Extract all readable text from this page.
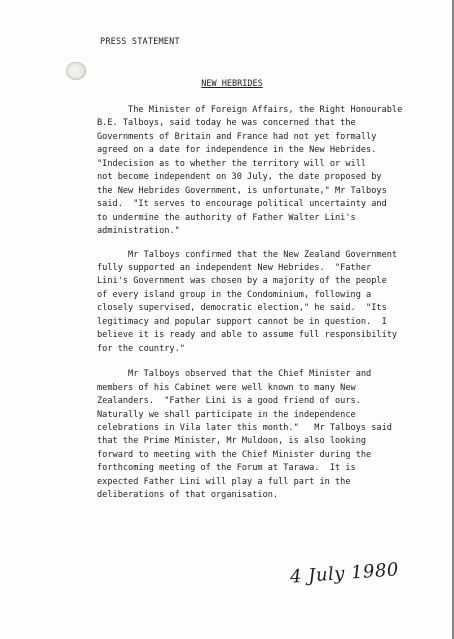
PRESS STATEMENT
NEW HEBRIDES
The Minister of Foreign Affairs, the Right Honourable
B.E. Talboys, said today he was concerned that the
Governments of Britain and France had not yet formally
agreed on a date for independence in the New Hebrides.
"Indecision as to whether the territory will or will
not become independent on 30 July, the date proposed by
the New Hebrides Government, is unfortunate," Mr Talboys
said.  "It serves to encourage political uncertainty and
to undermine the authority of Father Walter Lini's
administration."
Mr Talboys confirmed that the New Zealand Government
fully supported an independent New Hebrides.  "Father
Lini's Government was chosen by a majority of the people
of every island group in the Condominium, following a
closely supervised, democratic election," he said.  "Its
legitimacy and popular support cannot be in question.  I
believe it is ready and able to assume full responsibility
for the country."
Mr Talboys observed that the Chief Minister and
members of his Cabinet were well known to many New
Zealanders.  "Father Lini is a good friend of ours.
Naturally we shall participate in the independence
celebrations in Vila later this month."   Mr Talboys said
that the Prime Minister, Mr Muldoon, is also looking
forward to meeting with the Chief Minister during the
forthcoming meeting of the Forum at Tarawa.  It is
expected Father Lini will play a full part in the
deliberations of that organisation.
4 July 1980
